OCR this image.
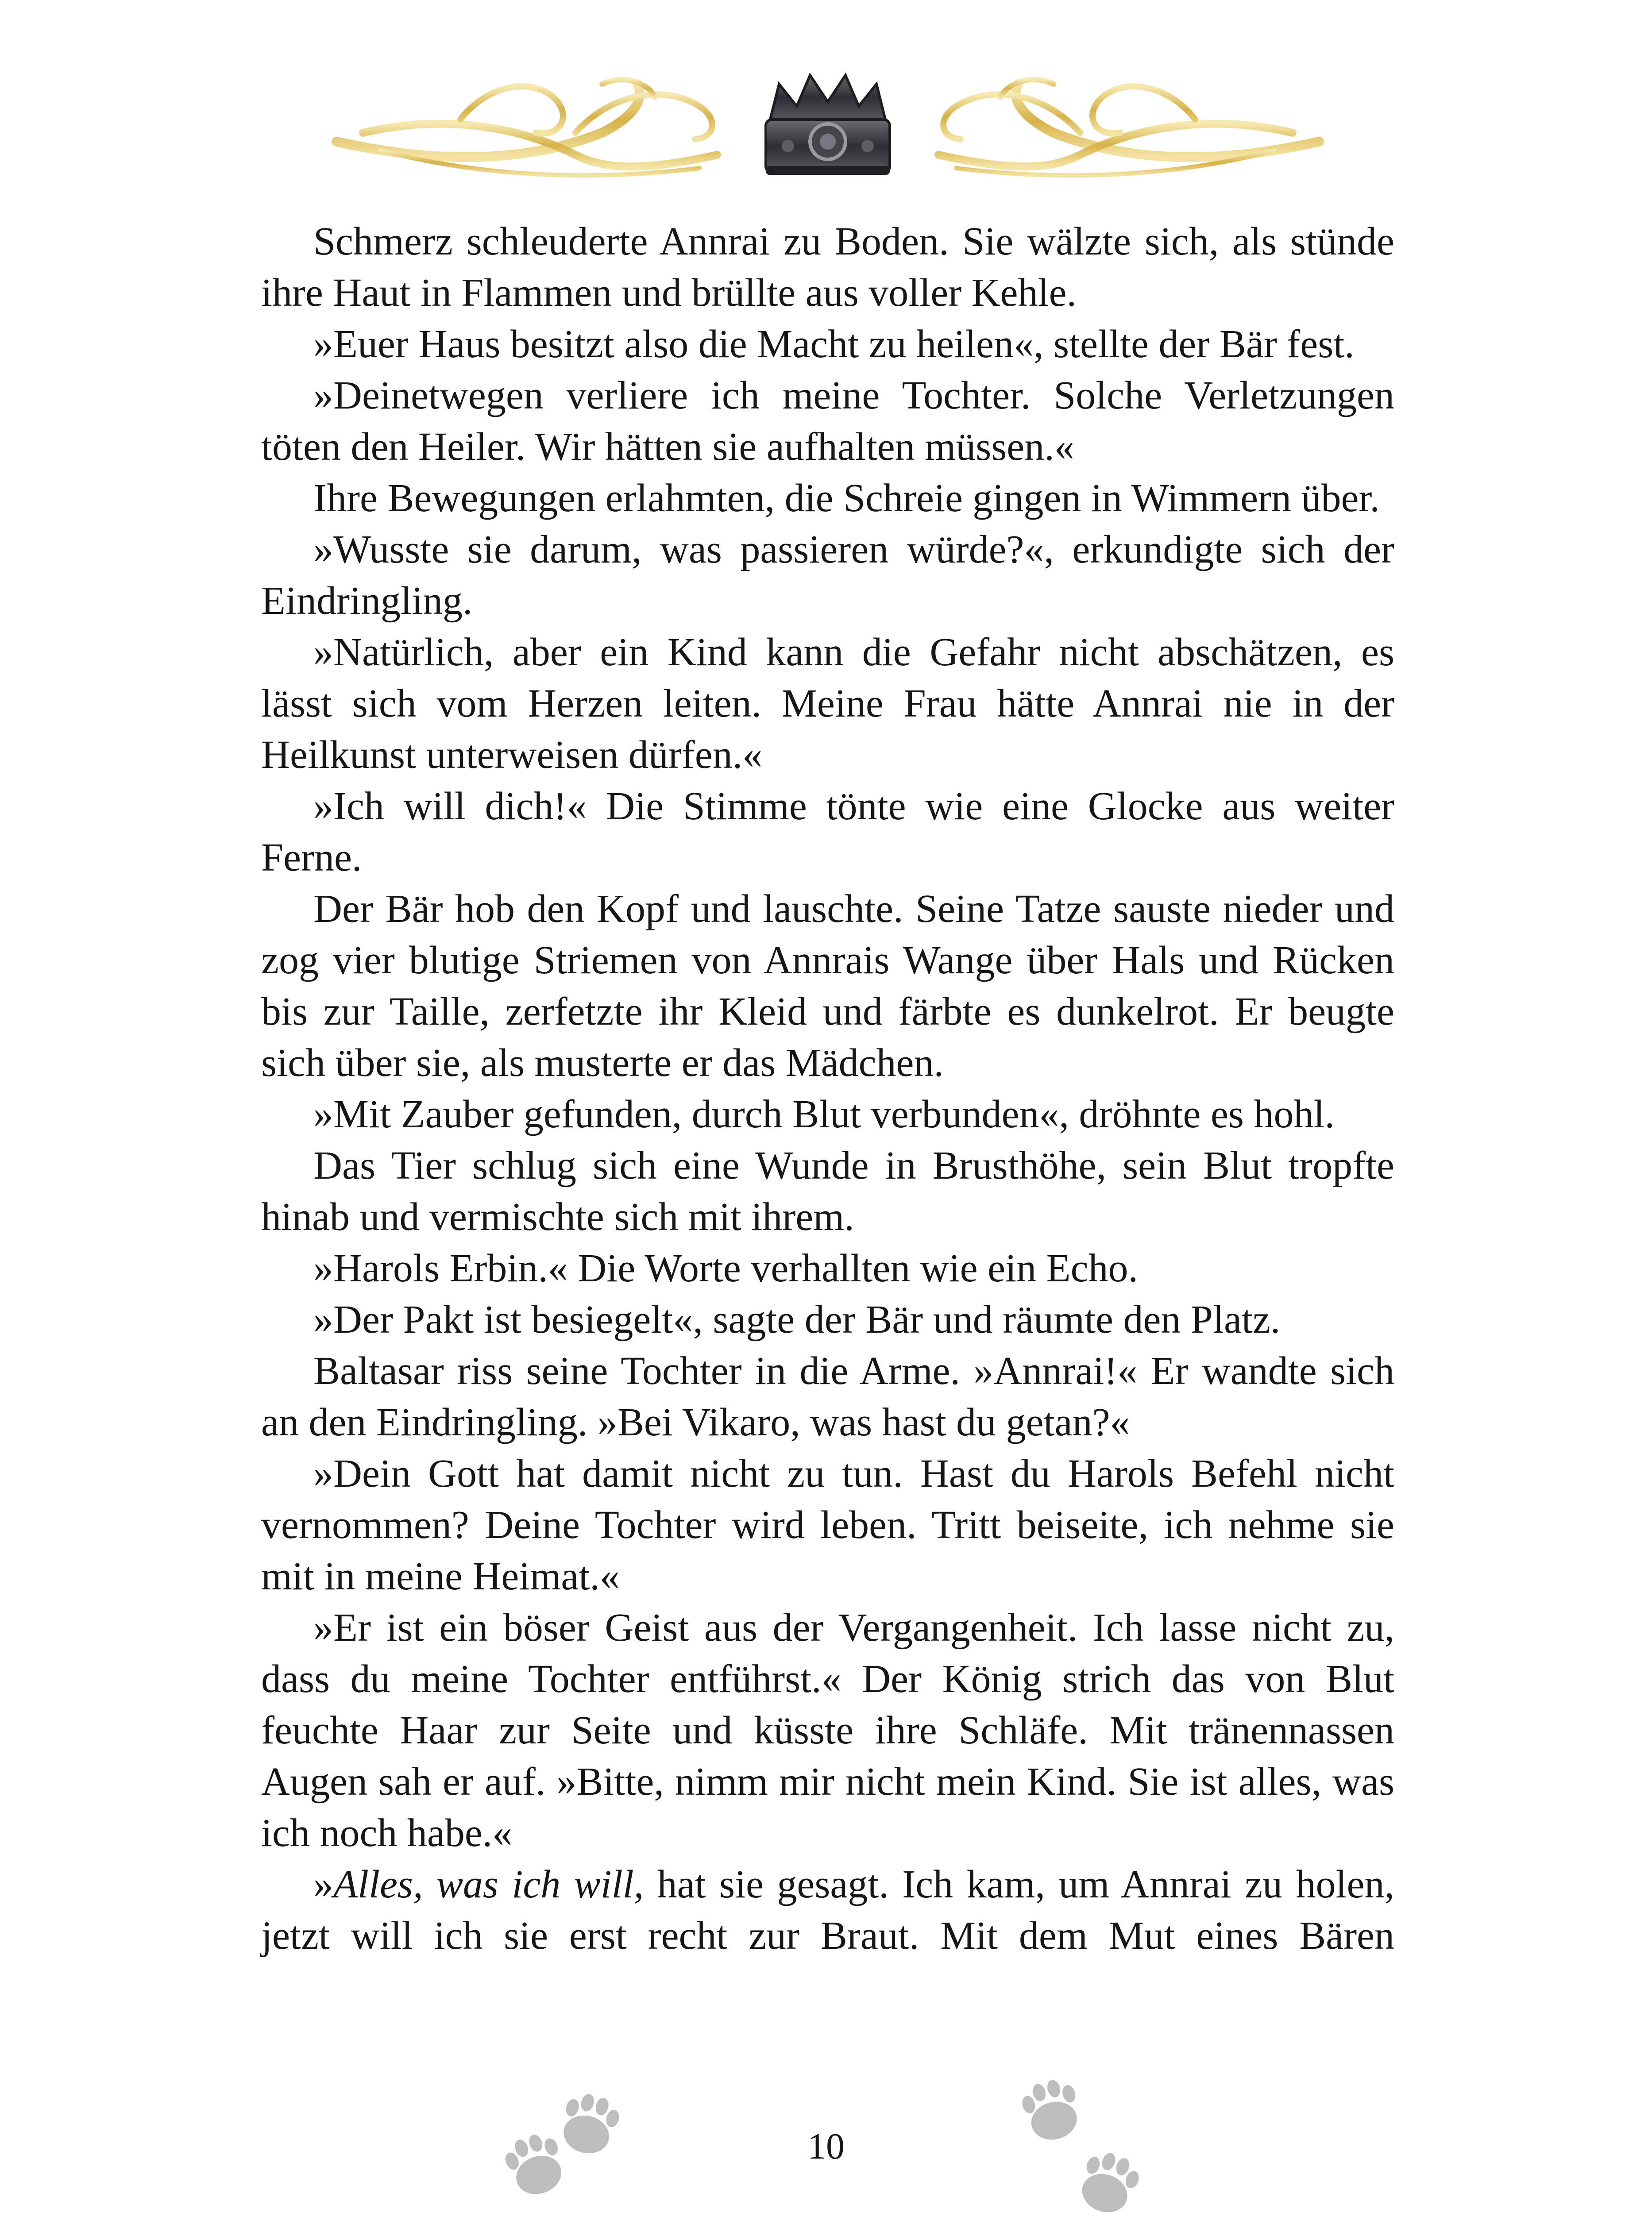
Schmerz schleuderte Annrai zu Boden. Sie wälzte sich, als stünde ihre Haut in Flammen und brüllte aus voller Kehle.

»Euer Haus besitzt also die Macht zu heilen«, stellte der Bär fest.

»Deinetwegen verliere ich meine Tochter. Solche Verletzungen töten den Heiler. Wir hätten sie aufhalten müssen.«

Ihre Bewegungen erlahmten, die Schreie gingen in Wimmern über.

»Wusste sie darum, was passieren würde?«, erkundigte sich der Eindringling.

»Natürlich, aber ein Kind kann die Gefahr nicht abschätzen, es lässt sich vom Herzen leiten. Meine Frau hätte Annrai nie in der Heilkunst unterweisen dürfen.«

»Ich will dich!« Die Stimme tönte wie eine Glocke aus weiter Ferne.

Der Bär hob den Kopf und lauschte. Seine Tatze sauste nieder und zog vier blutige Striemen von Annrais Wange über Hals und Rücken bis zur Taille, zerfetzte ihr Kleid und färbte es dunkelrot. Er beugte sich über sie, als musterte er das Mädchen.

»Mit Zauber gefunden, durch Blut verbunden«, dröhnte es hohl.

Das Tier schlug sich eine Wunde in Brusthöhe, sein Blut tropfte hinab und vermischte sich mit ihrem.

»Harols Erbin.« Die Worte verhallten wie ein Echo.

»Der Pakt ist besiegelt«, sagte der Bär und räumte den Platz.

Baltasar riss seine Tochter in die Arme. »Annrai!« Er wandte sich an den Eindringling. »Bei Vikaro, was hast du getan?«

»Dein Gott hat damit nicht zu tun. Hast du Harols Befehl nicht vernommen? Deine Tochter wird leben. Tritt beiseite, ich nehme sie mit in meine Heimat.«

»Er ist ein böser Geist aus der Vergangenheit. Ich lasse nicht zu, dass du meine Tochter entführst.« Der König strich das von Blut feuchte Haar zur Seite und küsste ihre Schläfe. Mit tränennassen Augen sah er auf. »Bitte, nimm mir nicht mein Kind. Sie ist alles, was ich noch habe.«

»Alles, was ich will, hat sie gesagt. Ich kam, um Annrai zu holen, jetzt will ich sie erst recht zur Braut. Mit dem Mut eines Bären

10
